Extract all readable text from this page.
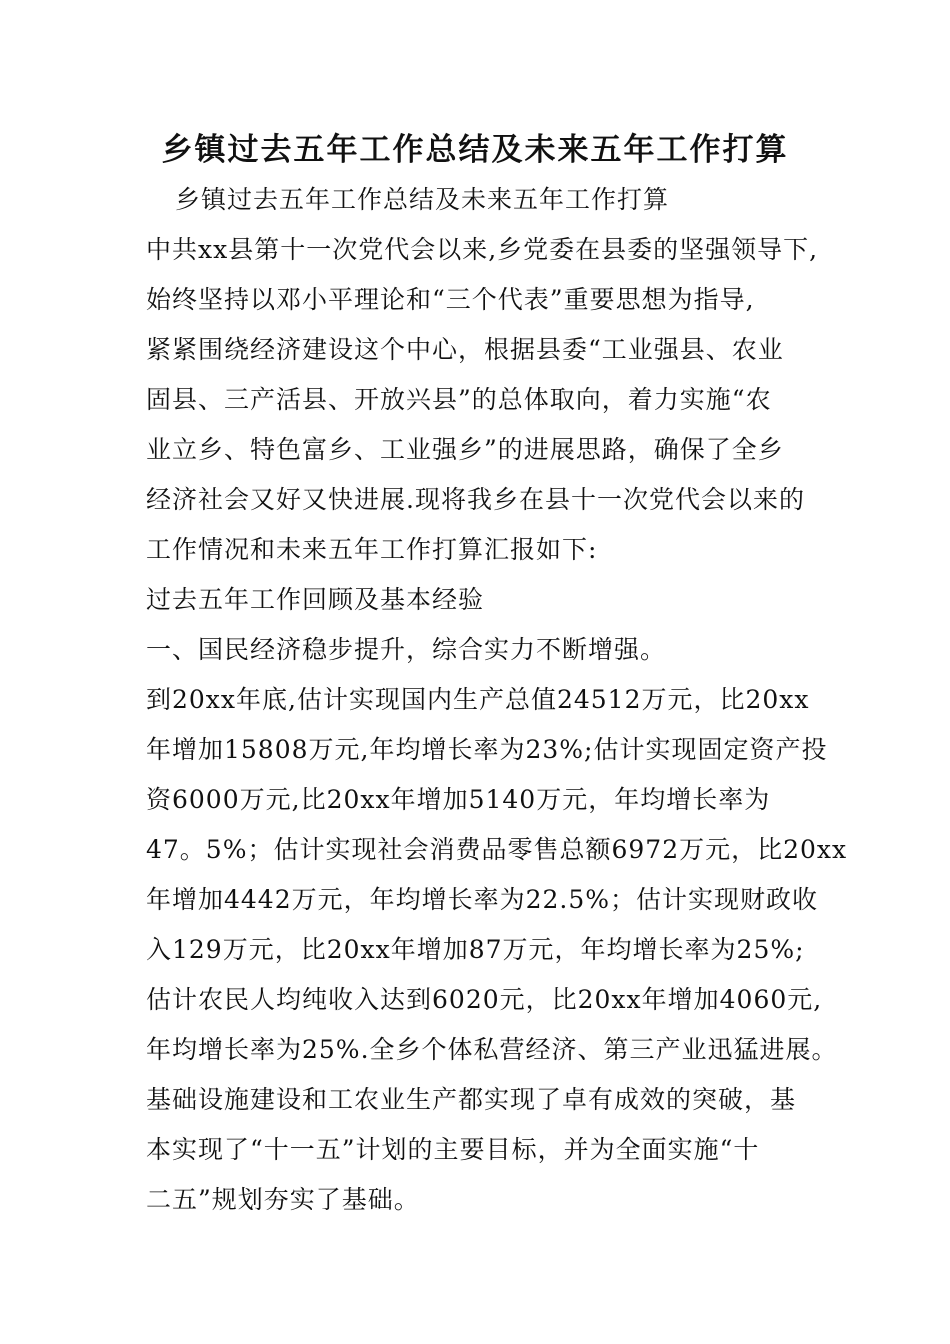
乡镇过去五年工作总结及未来五年工作打算
乡镇过去五年工作总结及未来五年工作打算
中共xx县第十一次党代会以来,乡党委在县委的坚强领导下,
始终坚持以邓小平理论和“三个代表”重要思想为指导,
紧紧围绕经济建设这个中心，根据县委“工业强县、农业
固县、三产活县、开放兴县”的总体取向，着力实施“农
业立乡、特色富乡、工业强乡”的进展思路，确保了全乡
经济社会又好又快进展.现将我乡在县十一次党代会以来的
工作情况和未来五年工作打算汇报如下:
过去五年工作回顾及基本经验
一、国民经济稳步提升，综合实力不断增强。
到20xx年底,估计实现国内生产总值24512万元，比20xx
年增加15808万元,年均增长率为23%;估计实现固定资产投
资6000万元,比20xx年增加5140万元，年均增长率为
47。5%；估计实现社会消费品零售总额6972万元，比20xx
年增加4442万元，年均增长率为22.5%；估计实现财政收
入129万元，比20xx年增加87万元，年均增长率为25%;
估计农民人均纯收入达到6020元，比20xx年增加4060元,
年均增长率为25%.全乡个体私营经济、第三产业迅猛进展。
基础设施建设和工农业生产都实现了卓有成效的突破，基
本实现了“十一五”计划的主要目标，并为全面实施“十
二五”规划夯实了基础。
